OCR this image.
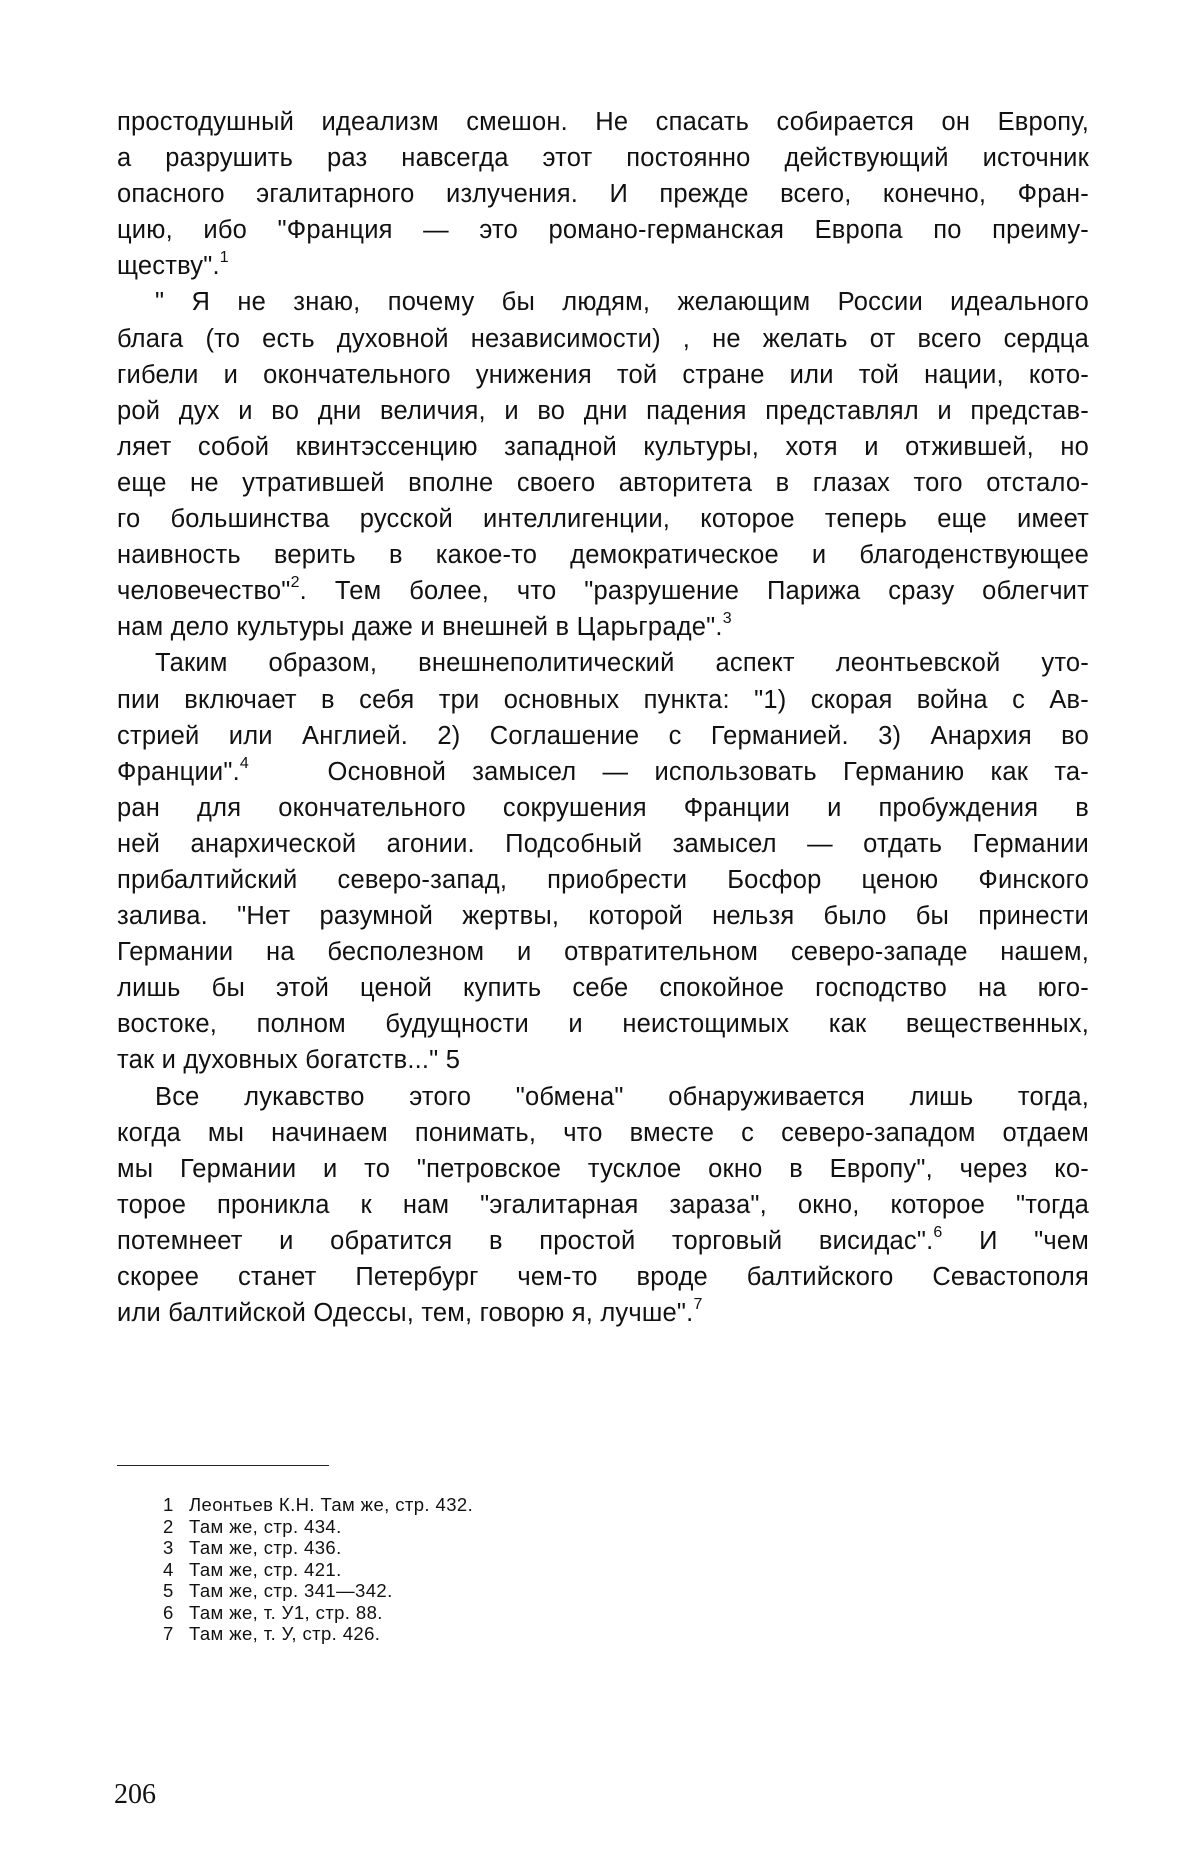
простодушный идеализм смешон. Не спасать собирается он Европу,
а разрушить раз навсегда этот постоянно действующий источник
опасного эгалитарного излучения. И прежде всего, конечно, Фран-
цию, ибо "Франция — это романо-германская Европа по преиму-
ществу".$^1$
" Я не знаю, почему бы людям, желающим России идеального
блага (то есть духовной независимости) , не желать от всего сердца
гибели и окончательного унижения той стране или той нации, кото-
рой дух и во дни величия, и во дни падения представлял и представ-
ляет собой квинтэссенцию западной культуры, хотя и отжившей, но
еще не утратившей вполне своего авторитета в глазах того отстало-
го большинства русской интеллигенции, которое теперь еще имеет
наивность верить в какое-то демократическое и благоденствующее
человечество"$^2$. Тем более, что "разрушение Парижа сразу облегчит
нам дело культуры даже и внешней в Царьграде".$^3$
Таким образом, внешнеполитический аспект леонтьевской уто-
пии включает в себя три основных пункта: "1) скорая война с Ав-
стрией или Англией. 2) Соглашение с Германией. 3) Анархия во
Франции".$^4$   Основной замысел — использовать Германию как та-
ран для окончательного сокрушения Франции и пробуждения в
ней анархической агонии. Подсобный замысел — отдать Германии
прибалтийский северо-запад, приобрести Босфор ценою Финского
залива. "Нет разумной жертвы, которой нельзя было бы принести
Германии на бесполезном и отвратительном северо-западе нашем,
лишь бы этой ценой купить себе спокойное господство на юго-
востоке, полном будущности и неистощимых как вещественных,
так и духовных богатств..." 5
Все лукавство этого "обмена" обнаруживается лишь тогда,
когда мы начинаем понимать, что вместе с северо-западом отдаем
мы Германии и то "петровское тусклое окно в Европу", через ко-
торое проникла к нам "эгалитарная зараза", окно, которое "тогда
потемнеет и обратится в простой торговый висидас".$^6$ И "чем
скорее станет Петербург чем-то вроде балтийского Севастополя
или балтийской Одессы, тем, говорю я, лучше".$^7$
1 Леонтьев К.Н. Там же, стр. 432.
2 Там же, стр. 434.
3 Там же, стр. 436.
4 Там же, стр. 421.
5 Там же, стр. 341—342.
6 Там же, т. У1, стр. 88.
7 Там же, т. У, стр. 426.
206
